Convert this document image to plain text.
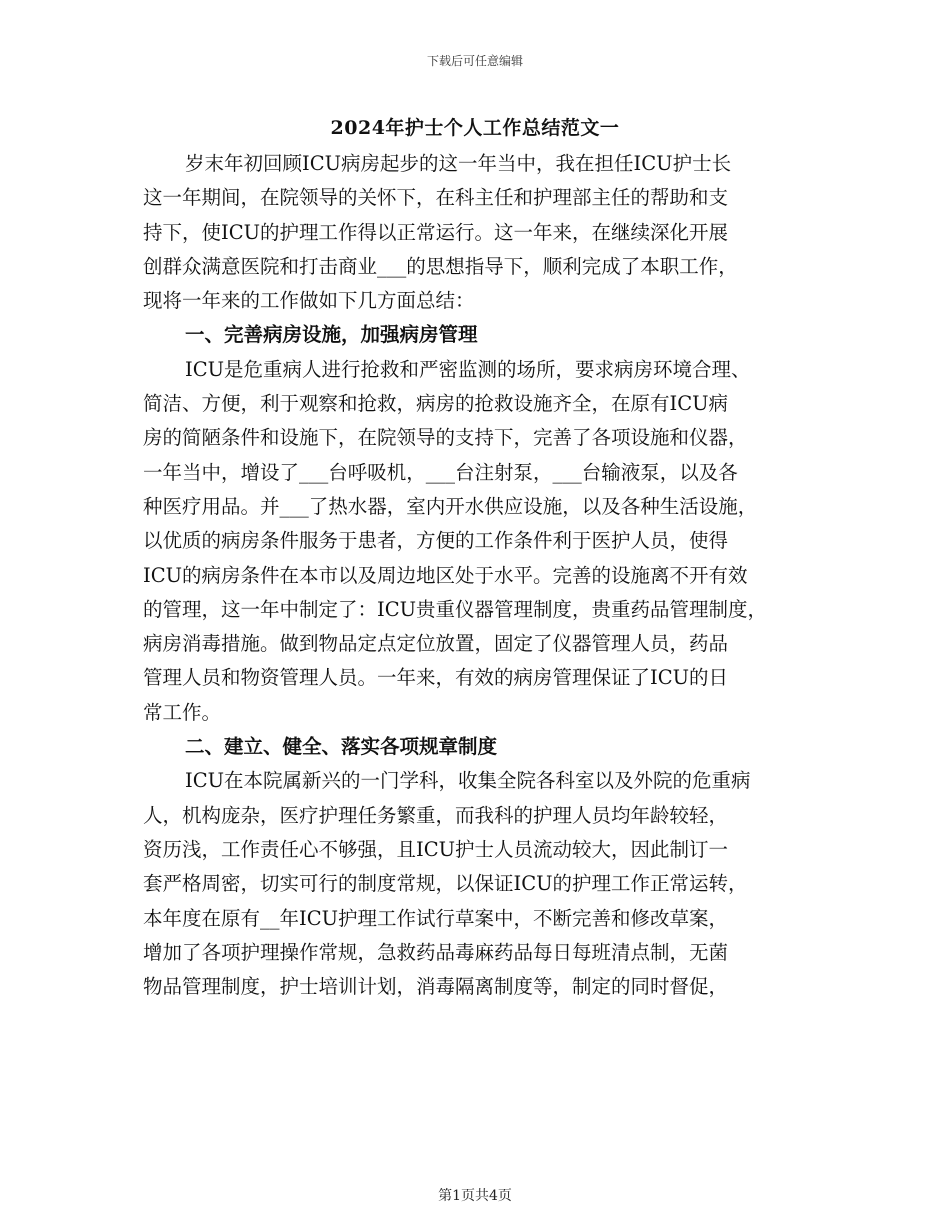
下载后可任意编辑
2024年护士个人工作总结范文一
岁末年初回顾ICU病房起步的这一年当中，我在担任ICU护士长
这一年期间，在院领导的关怀下，在科主任和护理部主任的帮助和支
持下，使ICU的护理工作得以正常运行。这一年来，在继续深化开展
创群众满意医院和打击商业___的思想指导下，顺利完成了本职工作，
现将一年来的工作做如下几方面总结：
一、完善病房设施，加强病房管理
ICU是危重病人进行抢救和严密监测的场所，要求病房环境合理、
简洁、方便，利于观察和抢救，病房的抢救设施齐全，在原有ICU病
房的简陋条件和设施下，在院领导的支持下，完善了各项设施和仪器，
一年当中，增设了___台呼吸机，___台注射泵，___台输液泵，以及各
种医疗用品。并___了热水器，室内开水供应设施，以及各种生活设施，
以优质的病房条件服务于患者，方便的工作条件利于医护人员，使得
ICU的病房条件在本市以及周边地区处于水平。完善的设施离不开有效
的管理，这一年中制定了：ICU贵重仪器管理制度，贵重药品管理制度，
病房消毒措施。做到物品定点定位放置，固定了仪器管理人员，药品
管理人员和物资管理人员。一年来，有效的病房管理保证了ICU的日
常工作。
二、建立、健全、落实各项规章制度
ICU在本院属新兴的一门学科，收集全院各科室以及外院的危重病
人，机构庞杂，医疗护理任务繁重，而我科的护理人员均年龄较轻，
资历浅，工作责任心不够强，且ICU护士人员流动较大，因此制订一
套严格周密，切实可行的制度常规，以保证ICU的护理工作正常运转，
本年度在原有__年ICU护理工作试行草案中，不断完善和修改草案，
增加了各项护理操作常规，急救药品毒麻药品每日每班清点制，无菌
物品管理制度，护士培训计划，消毒隔离制度等，制定的同时督促，
第1页共4页
